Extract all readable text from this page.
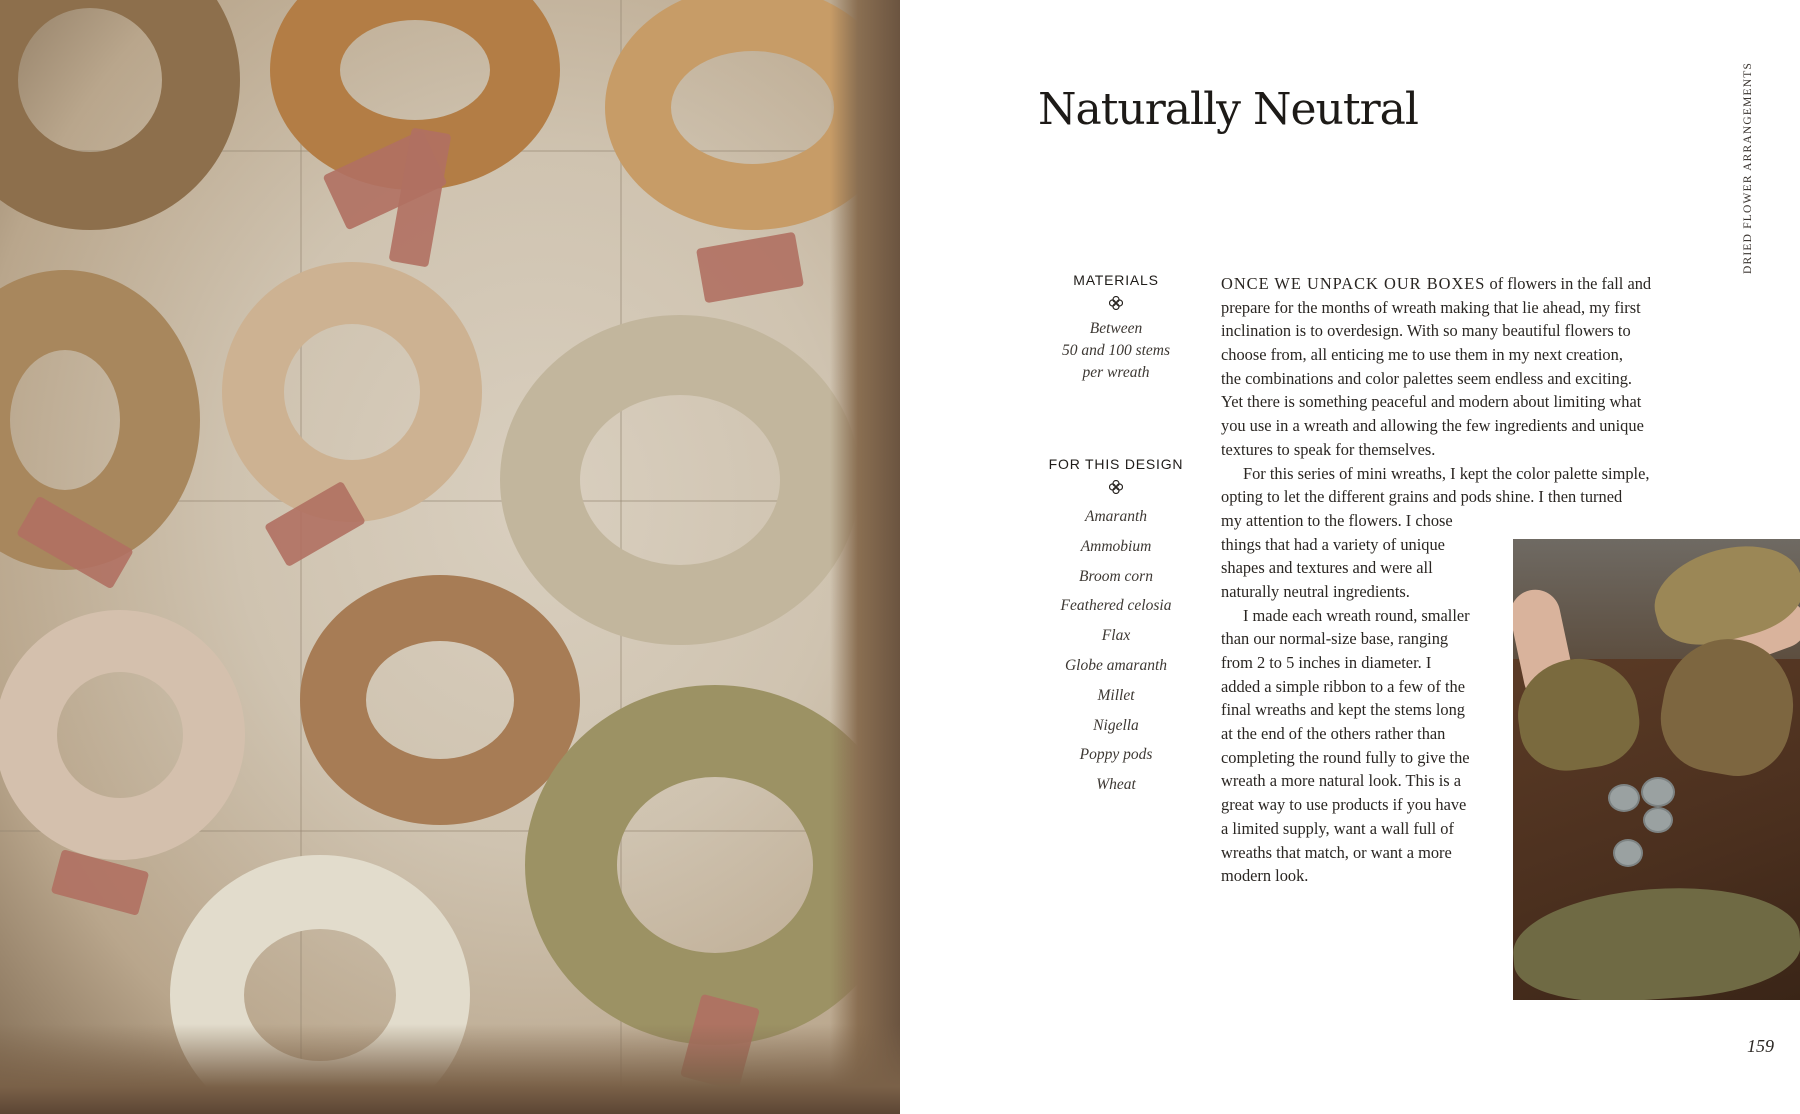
Naturally Neutral	DRIED FLOWER ARRANGEMENTS

MATERIALS

Between

50 and 100 stems

per wreath

FOR THIS DESIGN

Amaranth
Ammobium
Broom corn
Feathered celosia
Flax
Globe amaranth
Millet
Nigella
Poppy pods
Wheat
ONCE WE UNPACK OUR BOXES of flowers in the fall and
prepare for the months of wreath making that lie ahead, my first
inclination is to overdesign. With so many beautiful flowers to
choose from, all enticing me to use them in my next creation,
the combinations and color palettes seem endless and exciting.
Yet there is something peaceful and modern about limiting what
you use in a wreath and allowing the few ingredients and unique
textures to speak for themselves.
For this series of mini wreaths, I kept the color palette simple,
opting to let the different grains and pods shine. I then turned
my attention to the flowers. I chose
things that had a variety of unique
shapes and textures and were all
naturally neutral ingredients.
I made each wreath round, smaller
than our normal-size base, ranging
from 2 to 5 inches in diameter. I
added a simple ribbon to a few of the
final wreaths and kept the stems long
at the end of the others rather than
completing the round fully to give the
wreath a more natural look. This is a
great way to use products if you have
a limited supply, want a wall full of
wreaths that match, or want a more
modern look.
159
